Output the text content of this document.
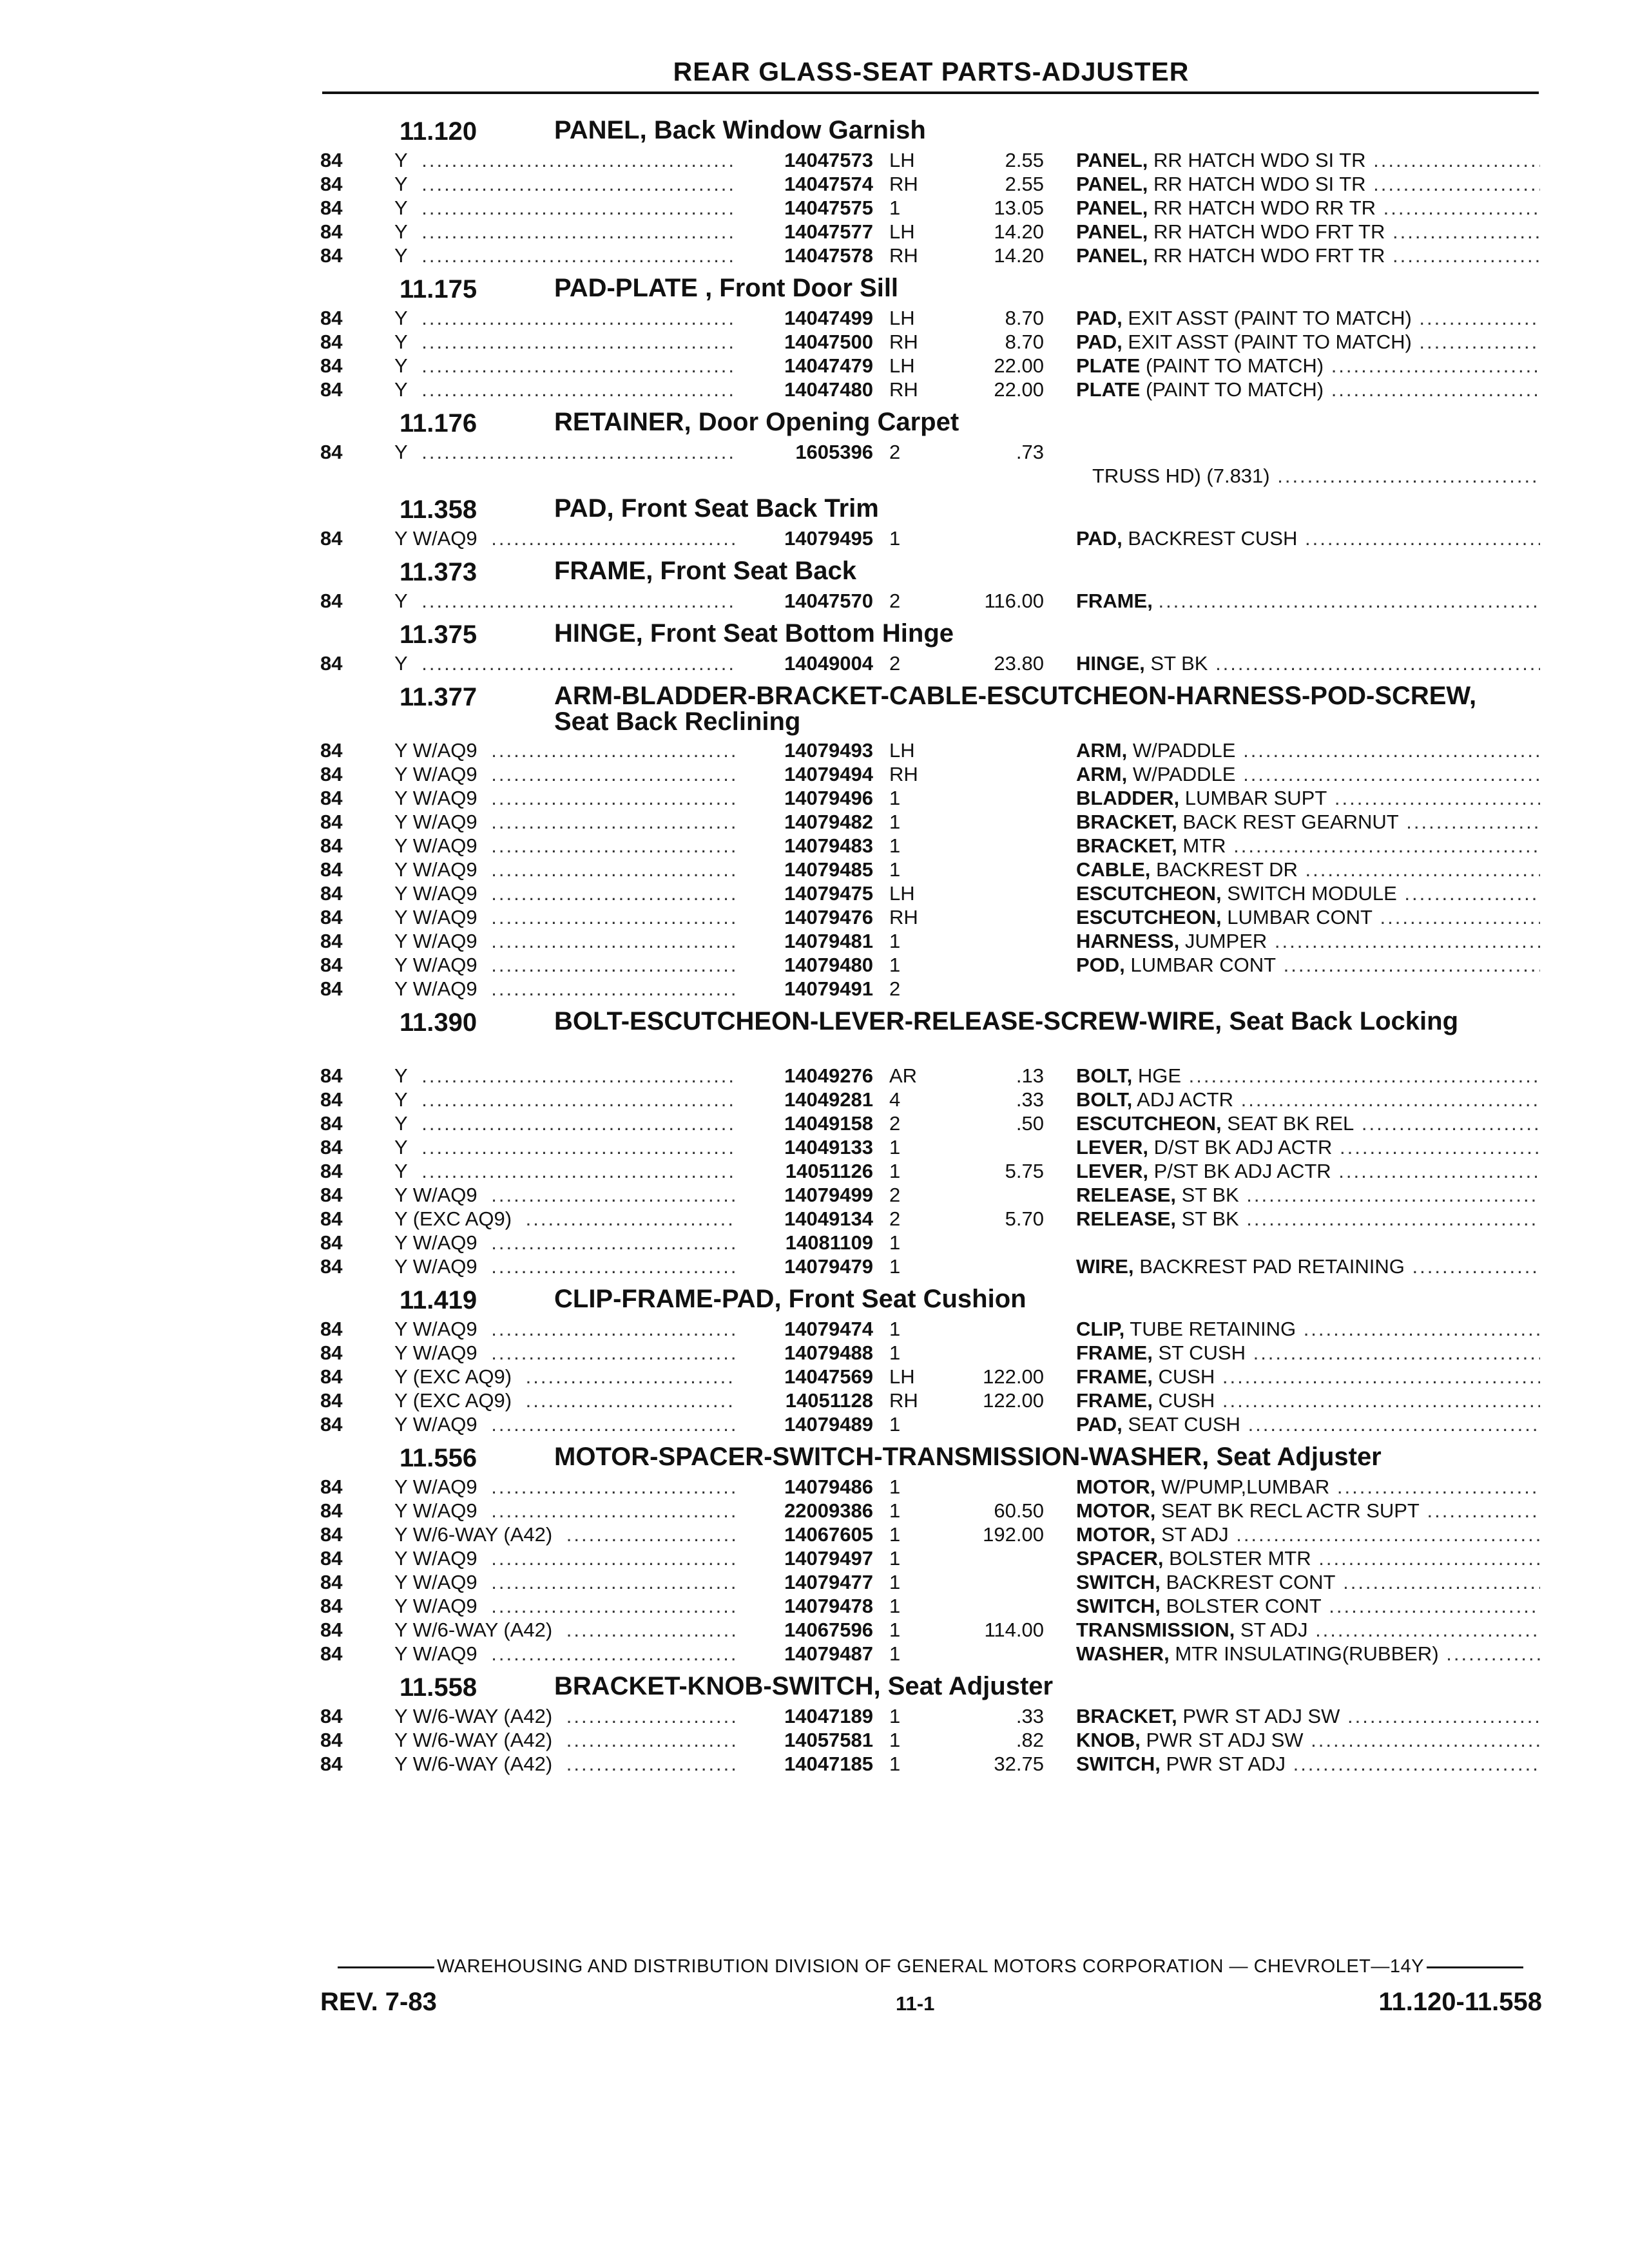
REAR GLASS-SEAT PARTS-ADJUSTER
11.120	PANEL, Back Window Garnish
84	Y .....	14047573 LH	2.55 PANEL, RR HATCH WDO SI TR .....
84	Y .....	14047574 RH	2.55 PANEL, RR HATCH WDO SI TR .....
84	Y .....	14047575 1	13.05 PANEL, RR HATCH WDO RR TR .....
84	Y .....	14047577 LH	14.20 PANEL, RR HATCH WDO FRT TR .....
84	Y .....	14047578 RH	14.20 PANEL, RR HATCH WDO FRT TR .....
11.175	PAD-PLATE , Front Door Sill
84	Y .....	14047499 LH	8.70 PAD, EXIT ASST (PAINT TO MATCH) .....
84	Y .....	14047500 RH	8.70 PAD, EXIT ASST (PAINT TO MATCH) .....
84	Y .....	14047479 LH	22.00 PLATE (PAINT TO MATCH) .....
84	Y .....	14047480 RH	22.00 PLATE (PAINT TO MATCH) .....
11.176	RETAINER, Door Opening Carpet
84	Y .....	1605396 2	.73
TRUSS HD) (7.831) .....
11.358	PAD, Front Seat Back Trim
84	Y W/AQ9 .....	14079495 1	PAD, BACKREST CUSH .....
11.373	FRAME, Front Seat Back
84	Y .....	14047570 2	116.00 FRAME, .....
11.375	HINGE, Front Seat Bottom Hinge
84	Y .....	14049004 2	23.80 HINGE, ST BK .....
11.377	ARM-BLADDER-BRACKET-CABLE-ESCUTCHEON-HARNESS-POD-SCREW, Seat Back Reclining
84	Y W/AQ9 .....	14079493 LH	ARM, W/PADDLE .....
84	Y W/AQ9 .....	14079494 RH	ARM, W/PADDLE .....
84	Y W/AQ9 .....	14079496 1	BLADDER, LUMBAR SUPT .....
84	Y W/AQ9 .....	14079482 1	BRACKET, BACK REST GEARNUT .....
84	Y W/AQ9 .....	14079483 1	BRACKET, MTR .....
84	Y W/AQ9 .....	14079485 1	CABLE, BACKREST DR .....
84	Y W/AQ9 .....	14079475 LH	ESCUTCHEON, SWITCH MODULE .....
84	Y W/AQ9 .....	14079476 RH	ESCUTCHEON, LUMBAR CONT .....
84	Y W/AQ9 .....	14079481 1	HARNESS, JUMPER .....
84	Y W/AQ9 .....	14079480 1	POD, LUMBAR CONT .....
84	Y W/AQ9 .....	14079491 2
11.390	BOLT-ESCUTCHEON-LEVER-RELEASE-SCREW-WIRE, Seat Back Locking
84	Y .....	14049276 AR	.13 BOLT, HGE .....
84	Y .....	14049281 4	.33 BOLT, ADJ ACTR .....
84	Y .....	14049158 2	.50 ESCUTCHEON, SEAT BK REL .....
84	Y .....	14049133 1	LEVER, D/ST BK ADJ ACTR .....
84	Y .....	14051126 1	5.75 LEVER, P/ST BK ADJ ACTR .....
84	Y W/AQ9 .....	14079499 2	RELEASE, ST BK .....
84	Y (EXC AQ9) .....	14049134 2	5.70 RELEASE, ST BK .....
84	Y W/AQ9 .....	14081109 1
84	Y W/AQ9 .....	14079479 1	WIRE, BACKREST PAD RETAINING .....
11.419	CLIP-FRAME-PAD, Front Seat Cushion
84	Y W/AQ9 .....	14079474 1	CLIP, TUBE RETAINING .....
84	Y W/AQ9 .....	14079488 1	FRAME, ST CUSH .....
84	Y (EXC AQ9) .....	14047569 LH	122.00 FRAME, CUSH .....
84	Y (EXC AQ9) .....	14051128 RH	122.00 FRAME, CUSH .....
84	Y W/AQ9 .....	14079489 1	PAD, SEAT CUSH .....
11.556	MOTOR-SPACER-SWITCH-TRANSMISSION-WASHER, Seat Adjuster
84	Y W/AQ9 .....	14079486 1	MOTOR, W/PUMP,LUMBAR .....
84	Y W/AQ9 .....	22009386 1	60.50 MOTOR, SEAT BK RECL ACTR SUPT .....
84	Y W/6-WAY (A42) .....	14067605 1	192.00 MOTOR, ST ADJ .....
84	Y W/AQ9 .....	14079497 1	SPACER, BOLSTER MTR .....
84	Y W/AQ9 .....	14079477 1	SWITCH, BACKREST CONT .....
84	Y W/AQ9 .....	14079478 1	SWITCH, BOLSTER CONT .....
84	Y W/6-WAY (A42) .....	14067596 1	114.00 TRANSMISSION, ST ADJ .....
84	Y W/AQ9 .....	14079487 1	WASHER, MTR INSULATING(RUBBER) .....
11.558	BRACKET-KNOB-SWITCH, Seat Adjuster
84	Y W/6-WAY (A42) .....	14047189 1	.33 BRACKET, PWR ST ADJ SW .....
84	Y W/6-WAY (A42) .....	14057581 1	.82 KNOB, PWR ST ADJ SW .....
84	Y W/6-WAY (A42) .....	14047185 1	32.75 SWITCH, PWR ST ADJ .....
WAREHOUSING AND DISTRIBUTION DIVISION OF GENERAL MOTORS CORPORATION — CHEVROLET—14Y
REV. 7-83	11-1	11.120-11.558
